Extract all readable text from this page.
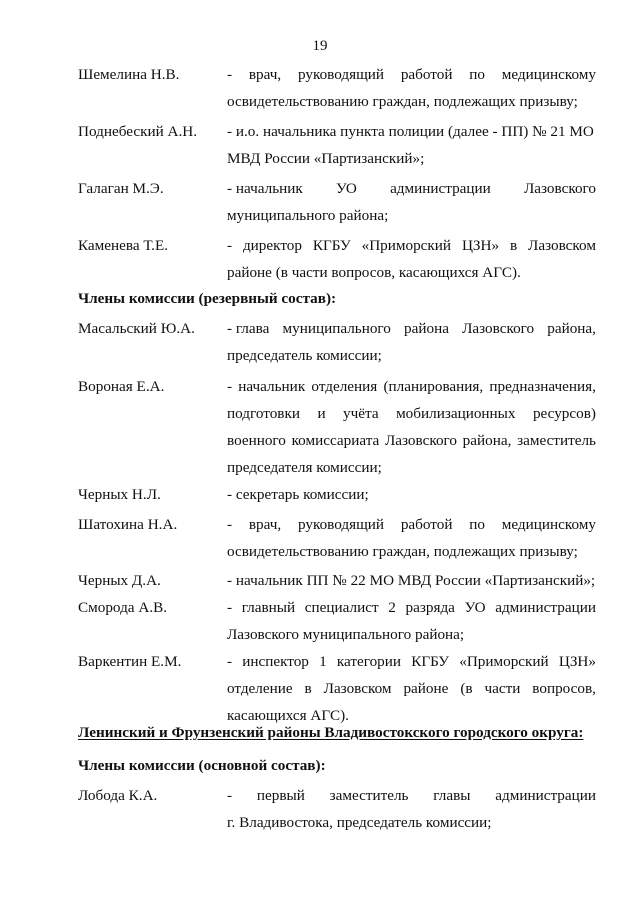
19
Шемелина Н.В.	- врач, руководящий работой по медицинскому
освидетельствованию граждан, подлежащих призыву;
Поднебеский А.Н. - и.о. начальника пункта полиции (далее - ПП) № 21 МО
МВД России «Партизанский»;
Галаган М.Э.	- начальник УО администрации Лазовского
муниципального района;
Каменева Т.Е.	- директор КГБУ «Приморский ЦЗН» в Лазовском
районе (в части вопросов, касающихся АГС).
Члены комиссии (резервный состав):
Масальский Ю.А. - глава муниципального района Лазовского района,
председатель комиссии;
Вороная Е.А.	- начальник отделения (планирования, предназначения,
подготовки и учёта мобилизационных ресурсов)
военного комиссариата Лазовского района, заместитель
председателя комиссии;
Черных Н.Л.	- секретарь комиссии;
Шатохина Н.А.	- врач, руководящий работой по медицинскому
освидетельствованию граждан, подлежащих призыву;
Черных Д.А.	- начальник ПП № 22 МО МВД России «Партизанский»;
Сморода А.В.	- главный специалист 2 разряда УО администрации
Лазовского муниципального района;
Варкентин Е.М.	- инспектор 1 категории КГБУ «Приморский ЦЗН»
отделение в Лазовском районе (в части вопросов,
касающихся АГС).
Ленинский и Фрунзенский районы Владивостокского городского округа:
Члены комиссии (основной состав):
Лобода К.А.	- первый заместитель главы администрации
г. Владивостока, председатель комиссии;
